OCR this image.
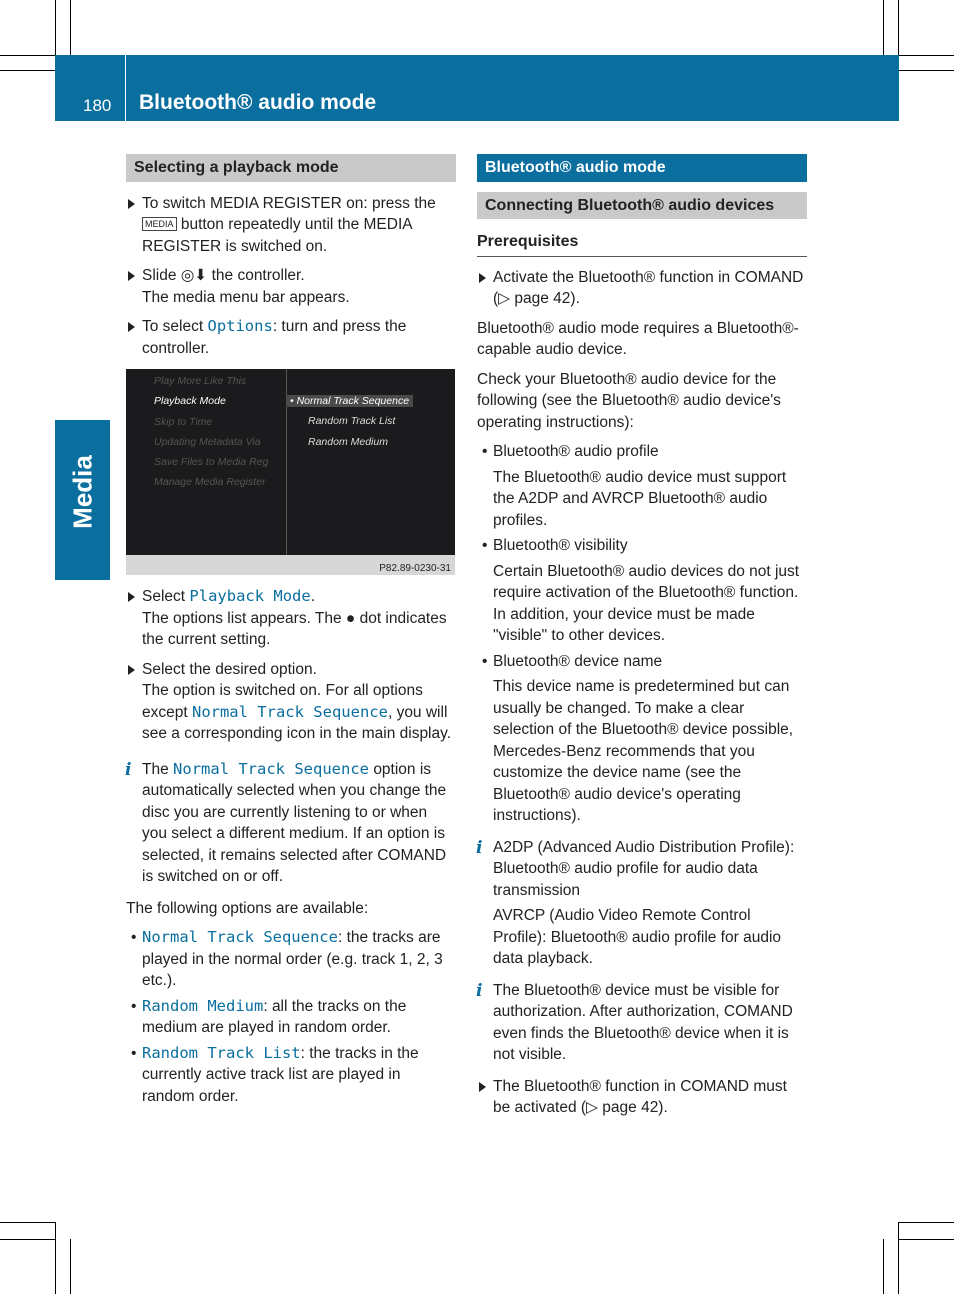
180 Bluetooth® audio mode
Media
Selecting a playback mode
To switch MEDIA REGISTER on: press the MEDIA button repeatedly until the MEDIA REGISTER is switched on.
Slide ◎⬇ the controller.
The media menu bar appears.
To select Options: turn and press the controller.
Play More Like This
Playback Mode
Skip to Time
Updating Metadata Via
Save Files to Media Reg
Manage Media Register
• Normal Track Sequence
Random Track List
Random Medium
P82.89-0230-31
Select Playback Mode.
The options list appears. The ● dot indicates the current setting.
Select the desired option.
The option is switched on. For all options except Normal Track Sequence, you will see a corresponding icon in the main display.
i The Normal Track Sequence option is automatically selected when you change the disc you are currently listening to or when you select a different medium. If an option is selected, it remains selected after COMAND is switched on or off.
The following options are available:
• Normal Track Sequence: the tracks are played in the normal order (e.g. track 1, 2, 3 etc.).
• Random Medium: all the tracks on the medium are played in random order.
• Random Track List: the tracks in the currently active track list are played in random order.
Bluetooth® audio mode
Connecting Bluetooth® audio devices
Prerequisites
Activate the Bluetooth® function in COMAND (▷ page 42).
Bluetooth® audio mode requires a Bluetooth®-capable audio device.
Check your Bluetooth® audio device for the following (see the Bluetooth® audio device's operating instructions):
• Bluetooth® audio profile
The Bluetooth® audio device must support the A2DP and AVRCP Bluetooth® audio profiles.
• Bluetooth® visibility
Certain Bluetooth® audio devices do not just require activation of the Bluetooth® function. In addition, your device must be made "visible" to other devices.
• Bluetooth® device name
This device name is predetermined but can usually be changed. To make a clear selection of the Bluetooth® device possible, Mercedes-Benz recommends that you customize the device name (see the Bluetooth® audio device's operating instructions).
i A2DP (Advanced Audio Distribution Profile): Bluetooth® audio profile for audio data transmission
AVRCP (Audio Video Remote Control Profile): Bluetooth® audio profile for audio data playback.
i The Bluetooth® device must be visible for authorization. After authorization, COMAND even finds the Bluetooth® device when it is not visible.
The Bluetooth® function in COMAND must be activated (▷ page 42).
